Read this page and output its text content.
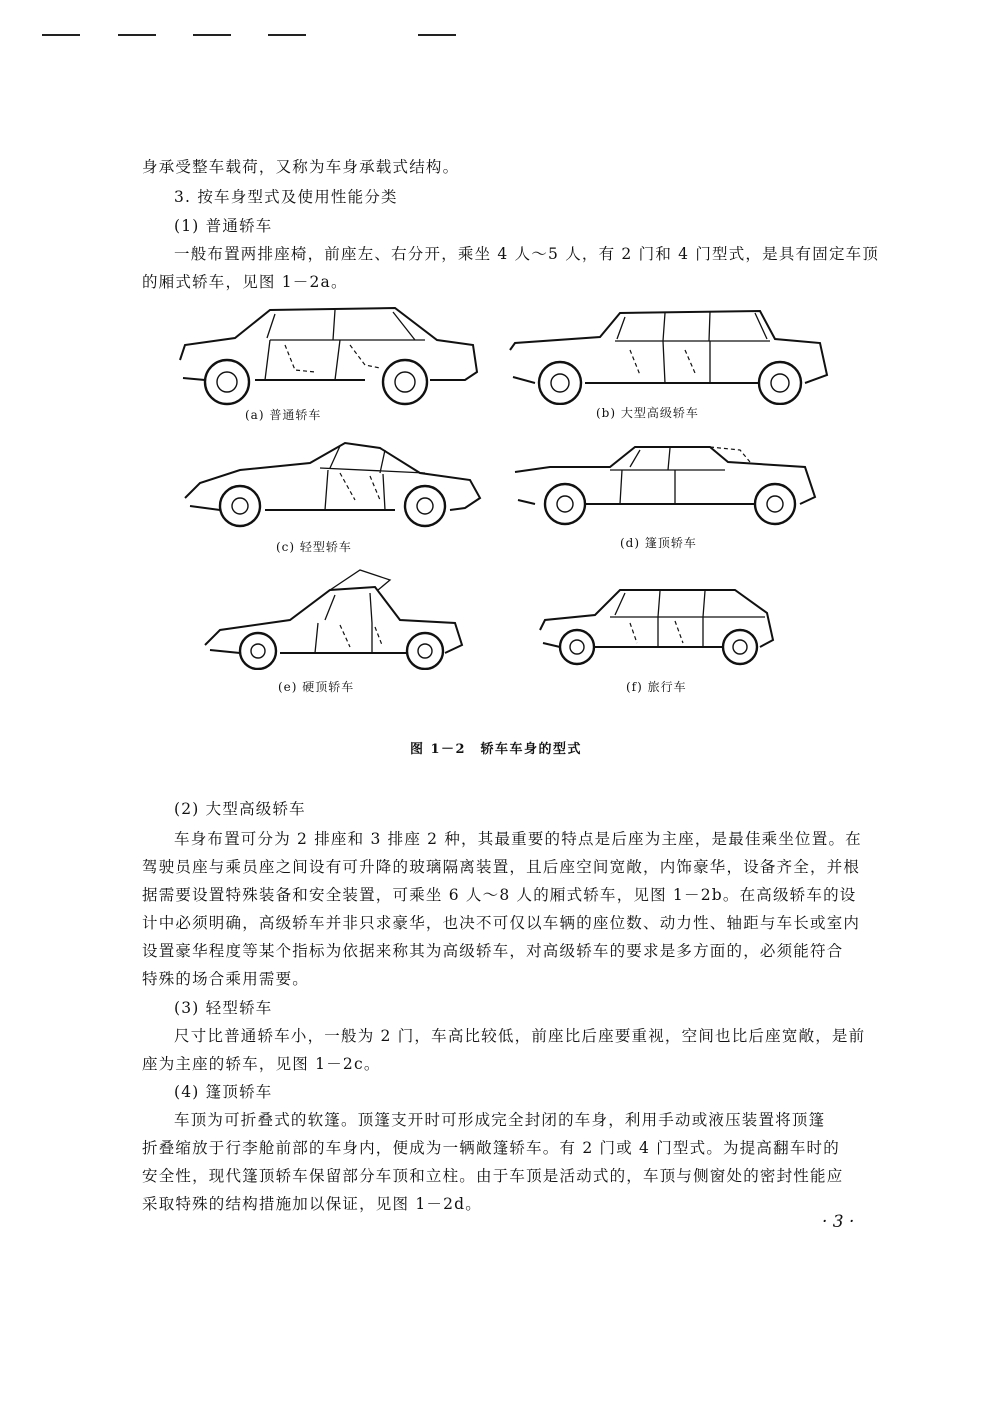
身承受整车载荷，又称为车身承载式结构。
3. 按车身型式及使用性能分类
(1) 普通轿车
一般布置两排座椅，前座左、右分开，乘坐 4 人～5 人，有 2 门和 4 门型式，是具有固定车顶
的厢式轿车，见图 1－2a。
(a) 普通轿车	(b) 大型高级轿车
(c) 轻型轿车	(d) 篷顶轿车
(e) 硬顶轿车	(f) 旅行车
图 1－2　轿车车身的型式
(2) 大型高级轿车
车身布置可分为 2 排座和 3 排座 2 种，其最重要的特点是后座为主座，是最佳乘坐位置。在
驾驶员座与乘员座之间设有可升降的玻璃隔离装置，且后座空间宽敞，内饰豪华，设备齐全，并根
据需要设置特殊装备和安全装置，可乘坐 6 人～8 人的厢式轿车，见图 1－2b。在高级轿车的设
计中必须明确，高级轿车并非只求豪华，也决不可仅以车辆的座位数、动力性、轴距与车长或室内
设置豪华程度等某个指标为依据来称其为高级轿车，对高级轿车的要求是多方面的，必须能符合
特殊的场合乘用需要。
(3) 轻型轿车
尺寸比普通轿车小，一般为 2 门，车高比较低，前座比后座要重视，空间也比后座宽敞，是前
座为主座的轿车，见图 1－2c。
(4) 篷顶轿车
车顶为可折叠式的软篷。顶篷支开时可形成完全封闭的车身，利用手动或液压装置将顶篷
折叠缩放于行李舱前部的车身内，便成为一辆敞篷轿车。有 2 门或 4 门型式。为提高翻车时的
安全性，现代篷顶轿车保留部分车顶和立柱。由于车顶是活动式的，车顶与侧窗处的密封性能应
采取特殊的结构措施加以保证，见图 1－2d。
· 3 ·
